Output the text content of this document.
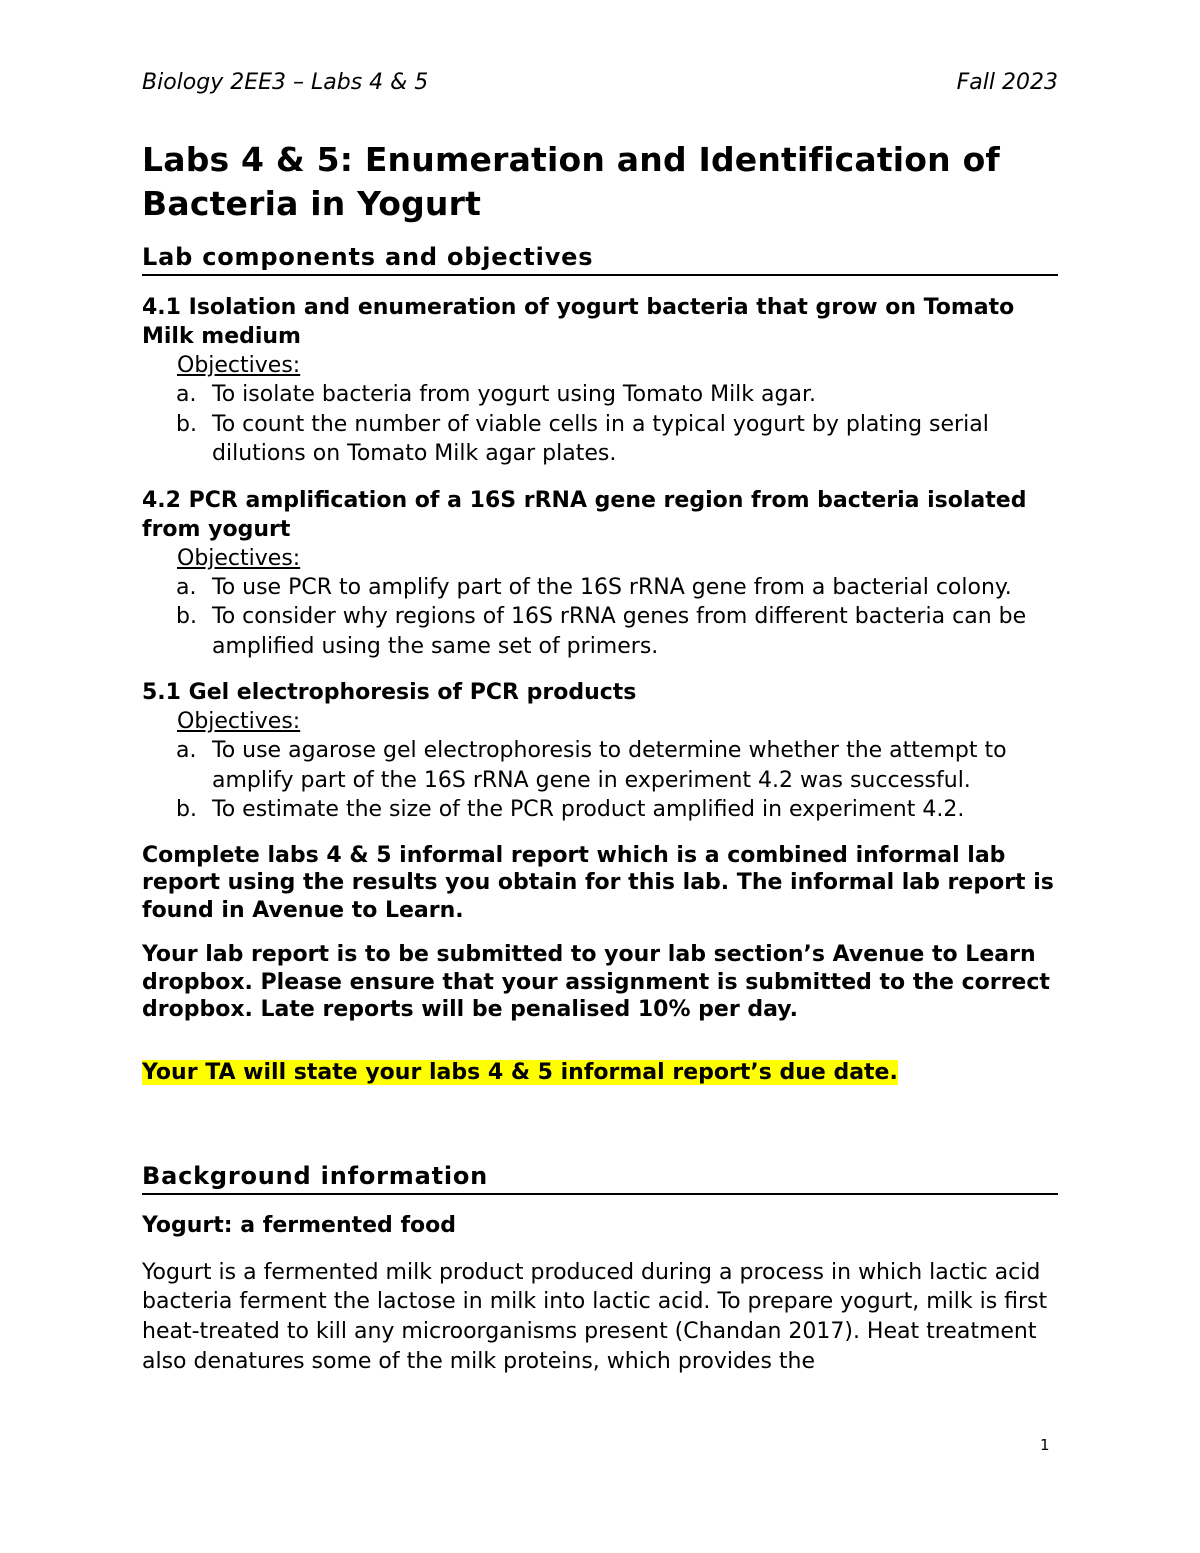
Biology 2EE3 – Labs 4 & 5	Fall 2023
Labs 4 & 5: Enumeration and Identification of Bacteria in Yogurt
Lab components and objectives

4.1 Isolation and enumeration of yogurt bacteria that grow on Tomato Milk medium

Objectives:
a. To isolate bacteria from yogurt using Tomato Milk agar.
b. To count the number of viable cells in a typical yogurt by plating serial dilutions on Tomato Milk agar plates.

4.2 PCR amplification of a 16S rRNA gene region from bacteria isolated from yogurt

Objectives:
a. To use PCR to amplify part of the 16S rRNA gene from a bacterial colony.
b. To consider why regions of 16S rRNA genes from different bacteria can be amplified using the same set of primers.

5.1 Gel electrophoresis of PCR products

Objectives:
a. To use agarose gel electrophoresis to determine whether the attempt to amplify part of the 16S rRNA gene in experiment 4.2 was successful.
b. To estimate the size of the PCR product amplified in experiment 4.2.

Complete labs 4 & 5 informal report which is a combined informal lab report using the results you obtain for this lab. The informal lab report is found in Avenue to Learn.

Your lab report is to be submitted to your lab section’s Avenue to Learn dropbox. Please ensure that your assignment is submitted to the correct dropbox. Late reports will be penalised 10% per day.

Your TA will state your labs 4 & 5 informal report’s due date.
Background information

Yogurt: a fermented food

Yogurt is a fermented milk product produced during a process in which lactic acid bacteria ferment the lactose in milk into lactic acid. To prepare yogurt, milk is first heat-treated to kill any microorganisms present (Chandan 2017). Heat treatment also denatures some of the milk proteins, which provides the

1
